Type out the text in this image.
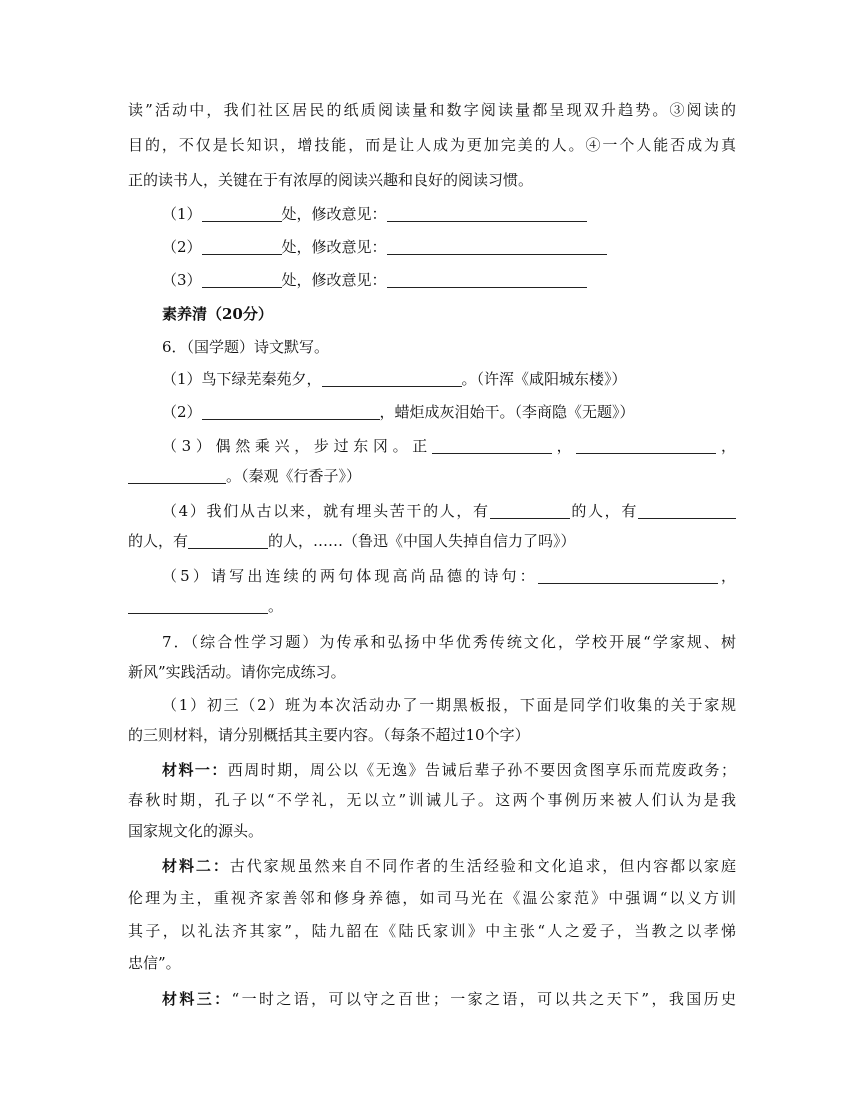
读”活动中，我们社区居民的纸质阅读量和数字阅读量都呈现双升趋势。③阅读的
目的，不仅是长知识，增技能，而是让人成为更加完美的人。④一个人能否成为真
正的读书人，关键在于有浓厚的阅读兴趣和良好的阅读习惯。
（1）	处，修改意见：
（2）	处，修改意见：
（3）	处，修改意见：
素养清（20分）
6．（国学题）诗文默写。
（1）鸟下绿芜秦苑夕，	。（许浑《咸阳城东楼》）
（2）	，蜡炬成灰泪始干。（李商隐《无题》）
（3）偶然乘兴，步过东冈。正	，	，
。（秦观《行香子》）
（4）我们从古以来，就有埋头苦干的人，有	的人，有
的人，有	的人，……（鲁迅《中国人失掉自信力了吗》）
（5）请写出连续的两句体现高尚品德的诗句：	，
。
7．（综合性学习题）为传承和弘扬中华优秀传统文化，学校开展“学家规、树
新风”实践活动。请你完成练习。
（1）初三（2）班为本次活动办了一期黑板报，下面是同学们收集的关于家规
的三则材料，请分别概括其主要内容。（每条不超过10个字）
材料一：西周时期，周公以《无逸》告诫后辈子孙不要因贪图享乐而荒废政务；
春秋时期，孔子以“不学礼，无以立”训诫儿子。这两个事例历来被人们认为是我
国家规文化的源头。
材料二：古代家规虽然来自不同作者的生活经验和文化追求，但内容都以家庭
伦理为主，重视齐家善邻和修身养德，如司马光在《温公家范》中强调“以义方训
其子，以礼法齐其家”，陆九韶在《陆氏家训》中主张“人之爱子，当教之以孝悌
忠信”。
材料三：“一时之语，可以守之百世；一家之语，可以共之天下”，我国历史
